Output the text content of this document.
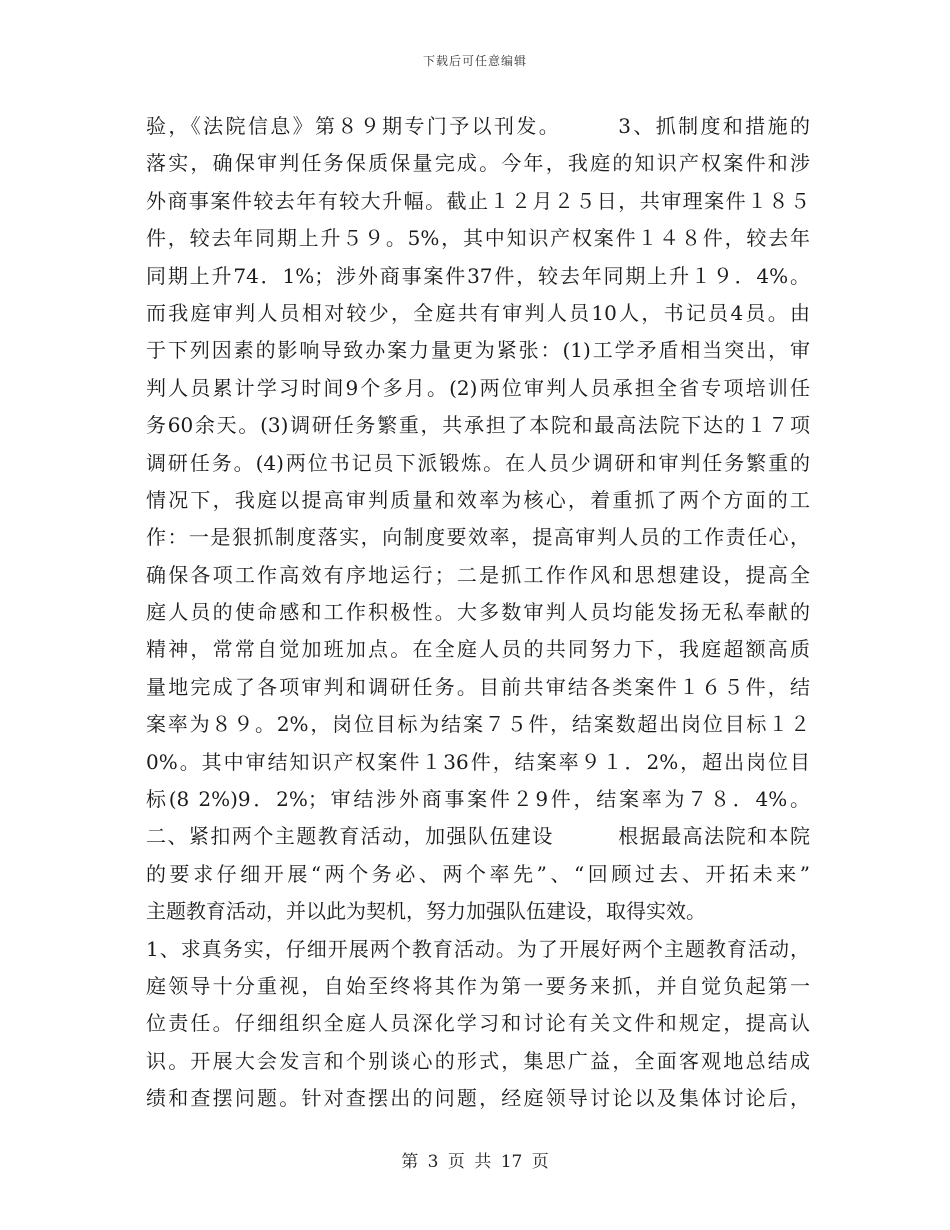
下载后可任意编辑
验，《法院信息》第８９期专门予以刊发。　　　3、抓制度和措施的
落实，确保审判任务保质保量完成。今年，我庭的知识产权案件和涉
外商事案件较去年有较大升幅。截止１２月２５日，共审理案件１８５
件，较去年同期上升５９。5%，其中知识产权案件１４８件，较去年
同期上升74．1%；涉外商事案件37件，较去年同期上升１９．4%。
而我庭审判人员相对较少，全庭共有审判人员10人，书记员4员。由
于下列因素的影响导致办案力量更为紧张：(1)工学矛盾相当突出，审
判人员累计学习时间9个多月。(2)两位审判人员承担全省专项培训任
务60余天。(3)调研任务繁重，共承担了本院和最高法院下达的１７项
调研任务。(4)两位书记员下派锻炼。在人员少调研和审判任务繁重的
情况下，我庭以提高审判质量和效率为核心，着重抓了两个方面的工
作：一是狠抓制度落实，向制度要效率，提高审判人员的工作责任心，
确保各项工作高效有序地运行；二是抓工作作风和思想建设，提高全
庭人员的使命感和工作积极性。大多数审判人员均能发扬无私奉献的
精神，常常自觉加班加点。在全庭人员的共同努力下，我庭超额高质
量地完成了各项审判和调研任务。目前共审结各类案件１６５件，结
案率为８９。2%，岗位目标为结案７５件，结案数超出岗位目标１２
0%。其中审结知识产权案件１36件，结案率９１．2%，超出岗位目
标(8 2%)9．2%；审结涉外商事案件２9件，结案率为７８．4%。
二、紧扣两个主题教育活动，加强队伍建设　　　根据最高法院和本院
的要求仔细开展“两个务必、两个率先”、“回顾过去、开拓未来”
主题教育活动，并以此为契机，努力加强队伍建设，取得实效。
1、求真务实，仔细开展两个教育活动。为了开展好两个主题教育活动，
庭领导十分重视，自始至终将其作为第一要务来抓，并自觉负起第一
位责任。仔细组织全庭人员深化学习和讨论有关文件和规定，提高认
识。开展大会发言和个别谈心的形式，集思广益，全面客观地总结成
绩和查摆问题。针对查摆出的问题，经庭领导讨论以及集体讨论后，
第 3 页 共 17 页
